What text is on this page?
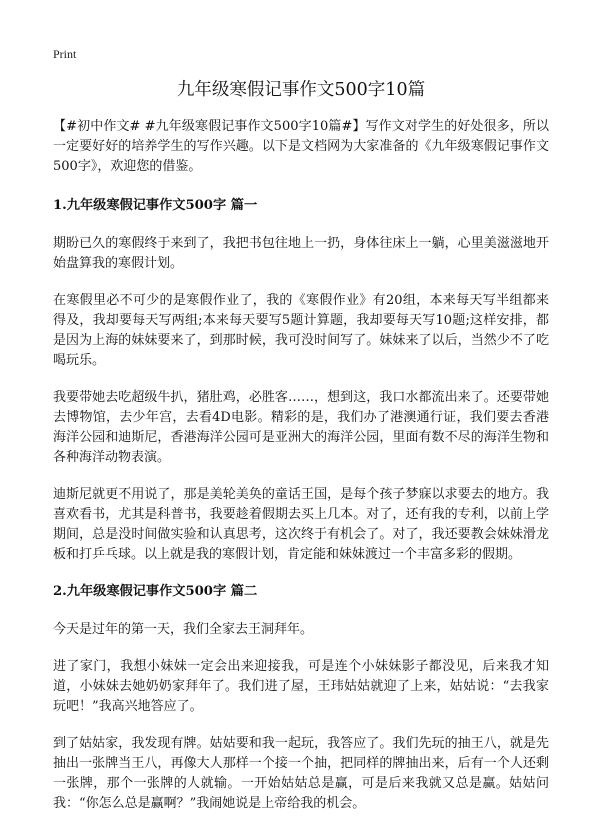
Print
九年级寒假记事作文500字10篇

【#初中作文# #九年级寒假记事作文500字10篇#】写作文对学生的好处很多，所以一定要好好的培养学生的写作兴趣。以下是文档网为大家准备的《九年级寒假记事作文500字》，欢迎您的借鉴。

1.九年级寒假记事作文500字 篇一

期盼已久的寒假终于来到了，我把书包往地上一扔，身体往床上一躺，心里美滋滋地开始盘算我的寒假计划。

在寒假里必不可少的是寒假作业了，我的《寒假作业》有20组，本来每天写半组都来得及，我却要每天写两组;本来每天要写5题计算题，我却要每天写10题;这样安排，都是因为上海的妹妹要来了，到那时候，我可没时间写了。妹妹来了以后，当然少不了吃喝玩乐。

我要带她去吃超级牛扒，猪肚鸡，必胜客……，想到这，我口水都流出来了。还要带她去博物馆，去少年宫，去看4D电影。精彩的是，我们办了港澳通行证，我们要去香港海洋公园和迪斯尼，香港海洋公园可是亚洲大的海洋公园，里面有数不尽的海洋生物和各种海洋动物表演。

迪斯尼就更不用说了，那是美轮美奂的童话王国，是每个孩子梦寐以求要去的地方。我喜欢看书，尤其是科普书，我要趁着假期去买上几本。对了，还有我的专利，以前上学期间，总是没时间做实验和认真思考，这次终于有机会了。对了，我还要教会妹妹滑龙板和打乒乓球。以上就是我的寒假计划，肯定能和妹妹渡过一个丰富多彩的假期。

2.九年级寒假记事作文500字 篇二

今天是过年的第一天，我们全家去王洞拜年。

进了家门，我想小妹妹一定会出来迎接我，可是连个小妹妹影子都没见，后来我才知道，小妹妹去她奶奶家拜年了。我们进了屋，王玮姑姑就迎了上来，姑姑说：“去我家玩吧！”我高兴地答应了。

到了姑姑家，我发现有牌。姑姑要和我一起玩，我答应了。我们先玩的抽王八，就是先抽出一张牌当王八，再像大人那样一个接一个抽，把同样的牌抽出来，后有一个人还剩一张牌，那个一张牌的人就输。一开始姑姑总是赢，可是后来我就又总是赢。姑姑问我：“你怎么总是赢啊？”我闹她说是上帝给我的机会。
